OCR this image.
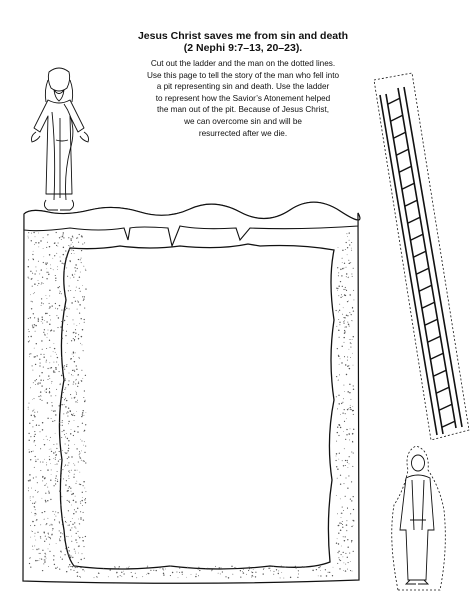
Jesus Christ saves me from sin and death
(2 Nephi 9:7–13, 20–23).
Cut out the ladder and the man on the dotted lines.
Use this page to tell the story of the man who fell into
a pit representing sin and death. Use the ladder
to represent how the Savior’s Atonement helped
the man out of the pit. Because of Jesus Christ,
we can overcome sin and will be
resurrected after we die.
